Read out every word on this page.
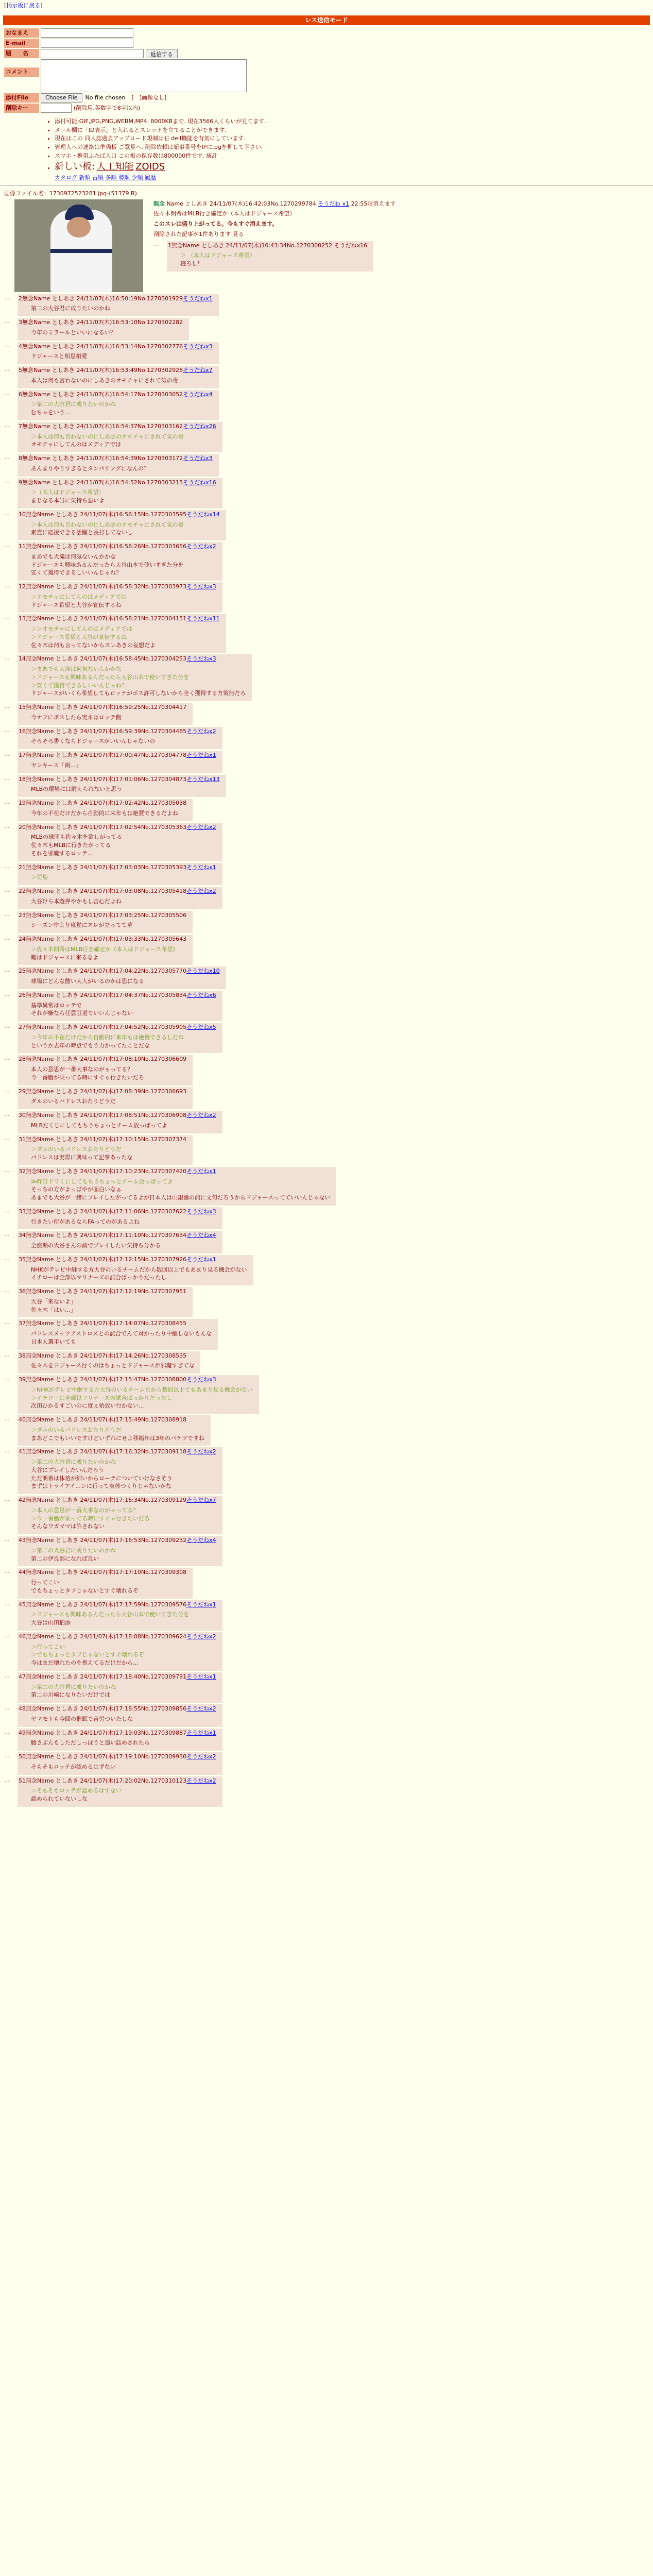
[掲示板に戻る]
レス送信モード
おなまえ
E-mail
題　　名	返信する
コメント
添付File	Choose File	No file chosen [　]画像なし]
削除キー	(削除用.英数字で8字以内)
• 添付可能:GIF,JPG,PNG,WEBM,MP4. 8000KBまで. 現在3566人くらいが見てます.
• メール欄に「ID表示」と入れるとスレッドを立てることができます.
• 現在はこの 同人誌過去アップロード規制は右 dell機能を有効にしています.
• 管理人への連絡は準備板 ご意見へ. 削除依頼は記事番号をIPに.pgを押して下さい.
• スマホ・携帯ふたば入口 この板の保存数は800000件です. 統計
• 新しい板: 人工知能 ZOIDS
カタログ 新順 古順 多順 勢順 少順 履歴
画像ファイル名：1730972523281.jpg-(51379 B)
無念 Name としあき 24/11/07(木)16:42:03No.1270299784 そうだね x1 22:55頃消えます

佐々木朗希はMLB行き確定か（本人はドジャース希望）

このスレは盛り上がってる。今もすぐ消えます。

削除された記事が1件あります 見る

…	1無念Name としあき 24/11/07(木)16:43:34No.1270300252 そうだねx16
＞ （本人はドジャース希望）
寝ろし！
…	2無念Name としあき 24/11/07(木)16:50:19No.1270301929そうだねx1
第二の大谷君に成りたいのかね
…	3無念Name としあき 24/11/07(木)16:53:10No.1270302282
今年のミラールといいになるい？
…	4無念Name としあき 24/11/07(木)16:53:14No.1270302776そうだねx3
ドジャースと相思相愛
…	5無念Name としあき 24/11/07(木)16:53:49No.1270302928そうだねx7
本人は何も言わないのにしあきのオモチャにされて気の毒
…	6無念Name としあき 24/11/07(木)16:54:17No.1270303052そうだねx4
＞第二の大谷君に成りたいのかね
むちゃをいう...
…	7無念Name としあき 24/11/07(木)16:54:37No.1270303162そうだねx26
＞本人は何も言わないのにしあきのオモチャにされて気の毒
オモチャにしてんのはメディアでは
…	8無念Name としあき 24/11/07(木)16:54:39No.1270303172そうだねx3
あんまりやりすぎるとタンパリングになんの？
…	9無念Name としあき 24/11/07(木)16:54:52No.1270303215そうだねx16
＞（本人はドジャース希望）
まじなる本当に気持ち悪いよ
…	10無念Name としあき 24/11/07(木)16:56:15No.1270303595そうだねx14
＞本人は何も言わないのにしあきのオモチャにされて気の毒
素直に応援できる活躍と長打してないし
…	11無念Name としあき 24/11/07(木)16:56:26No.1270303656そうだねx2
まあでも大滝は何気ないんかかな
ドジャースも興味あるんだったら大谷山本で使いすぎた分を
安くて獲得できるしいいんじゃね？
…	12無念Name としあき 24/11/07(木)16:58:32No.1270303973そうだねx3
＞オモチャにしてんのはメディアでは
ドジャース希望と大谷が宣伝するね
…	13無念Name としあき 24/11/07(木)16:58:21No.1270304151そうだねx11
＞＞オモチャにしてんのはメディアでは
＞ドジャース希望と大谷が宣伝するね
佐々木は何も言ってないからスレあきの妄想だよ
…	14無念Name としあき 24/11/07(木)16:58:45No.1270304253そうだねx3
＞まあでも大滝は何気ないんかかな
＞ドジャースも興味あるんだったら大谷山本で使いすぎた分を
＞安くて獲得できるしいいんじゃね？
ドジャースがいくら希望してもロッテがポス許可しないから全く獲得する方策無だろ
…	15無念Name としあき 24/11/07(木)16:59:25No.1270304417
今オフにポスしたら実ネはロッテ側
…	16無念Name としあき 24/11/07(木)16:59:39No.1270304485そうだねx2
そろそろ書くならドジャースがいいんじゃないの
…	17無念Name としあき 24/11/07(木)17:00:47No.1270304778そうだねx1
ヤンキース「朗…」
…	18無念Name としあき 24/11/07(木)17:01:06No.1270304873そうだねx13
MLBの環境には耐えられないと思う
…	19無念Name としあき 24/11/07(木)17:02:42No.1270305038
今年の不在だけだから自動的に来年もは絶賛できるだよね
…	20無念Name としあき 24/11/07(木)17:02:54No.1270305363そうだねx2
MLBの球団も佐々木を欲しがってる
佐々木もMLBに行きたがってる
それを邪魔するロッテ...
…	21無念Name としあき 24/11/07(木)17:03:03No.1270305393そうだねx1
＞児島
…	22無念Name としあき 24/11/07(木)17:03:08No.1270305418そうだねx2
大谷けら本遊押やかもし苦心だよね
…	23無念Name としあき 24/11/07(木)17:03:25No.1270305506
シーズン中より寝覚にスレが立ってて草
…	24無念Name としあき 24/11/07(木)17:03:33No.1270305643
＞佐々木朗希はMLB行き確定か（本人はドジャース希望）
難はドジャースに来るなよ
…	25無念Name としあき 24/11/07(木)17:04:22No.1270305770そうだねx10
球場にどんな酷い大人がいるのかは恐になる
…	26無念Name としあき 24/11/07(木)17:04:37No.1270305834そうだねx6
基準異常はロッテで
それが嫌なら任意引退でいいんじゃない
…	27無念Name としあき 24/11/07(木)17:04:52No.1270305905そうだねx5
＞今年の不在だけだから自動的に来年もは絶賛できるしだね
というか去年の時点でもう力かってたことだな
…	28無念Name としあき 24/11/07(木)17:08:10No.1270306609
本人の意思が一番大事なのがゃってる？
今一番脂が乗ってる時にすぐゃ行きたいだろ
…	29無念Name としあき 24/11/07(木)17:08:39No.1270306693
ダルのいるパドレスおたりどうだ
…	30無念Name としあき 24/11/07(木)17:08:51No.1270306908そうだねx2
MLBだくじにしてもちうちょっとチーム放っぱってよ
…	31無念Name としあき 24/11/07(木)17:10:15No.1270307374
＞ダルのいるパドレスおたりどうだ
パドレスは実際に興味って記事あったな
…	32無念Name としあき 24/11/07(木)17:10:23No.1270307420そうだねx1
≫昨日ドリくにしてもちうちょっとチーム放っぱってよ
そっちの方がよっぽやが面白いなぁ
あまでも大谷が一緒にプレイしたがってるよが日本人は山銀歯の前に文句だろうからドジャースってていいんじゃない
…	33無念Name としあき 24/11/07(木)17:11:06No.1270307622そうだねx3
行きたい所があるならFAってのがあるよね
…	34無念Name としあき 24/11/07(木)17:11:10No.1270307634そうだねx4
全盛期の大谷さんの前でプレイしたい気持ち分かる
…	35無念Name としあき 24/11/07(木)17:12:15No.1270307926そうだねx1
NHKがテレビ中継する方大谷のいるチームだから数回以上でもあまり見る機会がない
イチローは全部以マリナーズの試合ばっかりだったし
…	36無念Name としあき 24/11/07(木)17:12:19No.1270307951
大谷「来ないよ」
佐々木「はい…」
…	37無念Name としあき 24/11/07(木)17:14:07No.1270308455
パドレスメッツアストロズとの試合でんて対かったり中継しないもんな
日本人選手いても
…	38無念Name としあき 24/11/07(木)17:14:26No.1270308535
佐々木をドジャース行くのはちょっとドジャースが邪魔すぎてな
…	39無念Name としあき 24/11/07(木)17:15:47No.1270308800そうだねx3
＞NHKがテレビ中継する方大谷のいるチームだから数回以上でもあまり見る機会がない
＞イチローは全部以マリナーズの試合ばっかりだったし
次田ひかるすごいのに度ぇ殆放い行かない...
…	40無念Name としあき 24/11/07(木)17:15:49No.1270308918
＞ダルのいるパドレスおたりどうだ
まあどこでもいいですけどいずれにせよ移籍年は3年のパケツですね
…	41無念Name としあき 24/11/07(木)17:16:32No.1270309118そうだねx2
＞第二の大谷君に成りたいのかね
大谷にプレイしたいんだろう
ただ朗希は体格が細いからローテについていけなさそう
まずはトライアイ...ンに行って身体つくりじゃないかな
…	42無念Name としあき 24/11/07(木)17:16:34No.1270309129そうだねx7
＞本人の意思が一番大事なのがゃってる？
＞今一番脂が乗ってる時にすぐゃ行きたいだろ
そんなワガママは許されない
…	43無念Name としあき 24/11/07(木)17:16:53No.1270309232そうだねx4
＞第二の大谷君に成りたいのかね
第二の伊良部になれば良い
…	44無念Name としあき 24/11/07(木)17:17:10No.1270309308
行ってこい
でもちょっとタフじゃないとすぐ壊れるぞ
…	45無念Name としあき 24/11/07(木)17:17:59No.1270309576そうだねx1
＞ドジャースも興味あるんだったら大谷山本で使いすぎた分を
大谷は山田伯添
…	46無念Name としあき 24/11/07(木)17:18:08No.1270309624そうだねx2
＞行ってこい
＞でもちょっとタフじゃないとすぐ壊れるぞ
今はまだ壊れたのを抱えてるだけだから…
…	47無念Name としあき 24/11/07(木)17:18:40No.1270309791そうだねx1
＞第二の大谷君に成りたいのかね
第二の川崎になりたいだけでは
…	48無念Name としあき 24/11/07(木)17:18:55No.1270309856そうだねx2
ヤマモトも今回の催眠で苦労ついたしな
…	49無念Name としあき 24/11/07(木)17:19:03No.1270309887そうだねx1
腰さぶんもしただしっぽうと追い詰めされたら
…	50無念Name としあき 24/11/07(木)17:19:10No.1270309930そうだねx2
そもそもロッテが認めるはずない
…	51無念Name としあき 24/11/07(木)17:20:02No.1270310123そうだねx2
＞そもそもロッテが認めるはずない
認められていないしな
